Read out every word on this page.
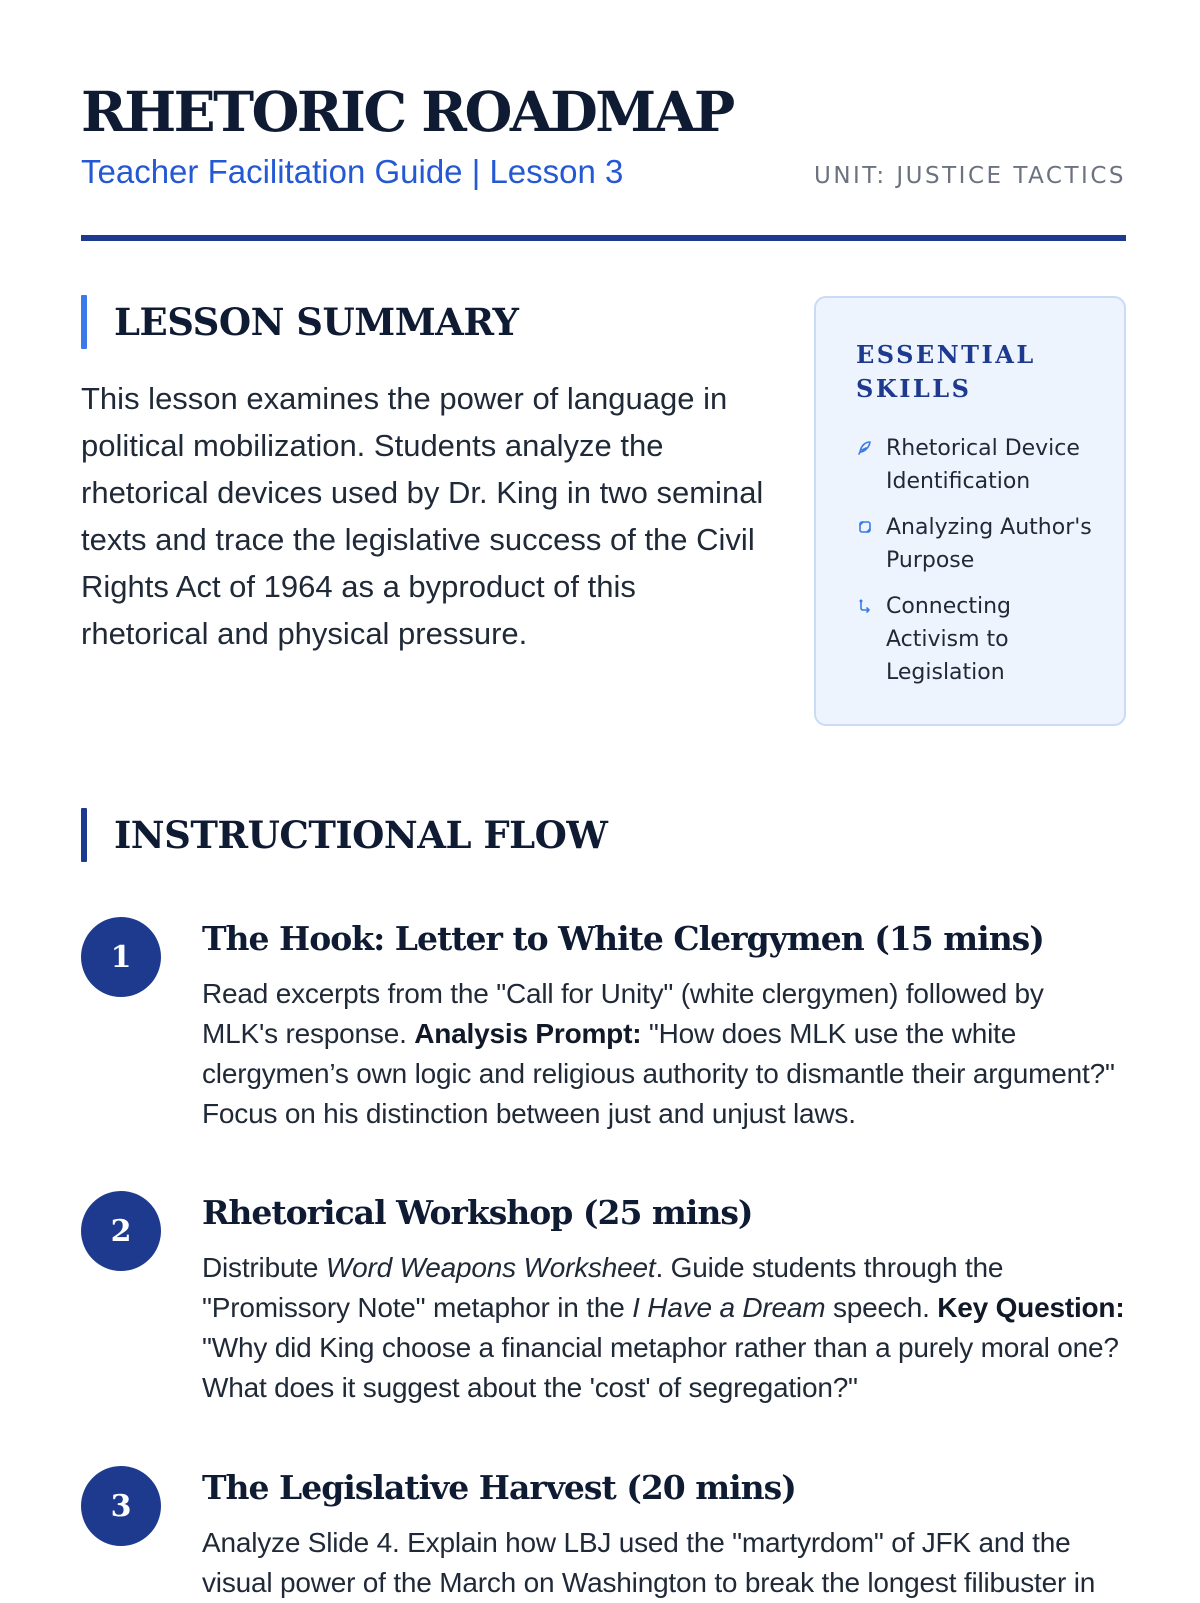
RHETORIC ROADMAP
Teacher Facilitation Guide | Lesson 3	UNIT: JUSTICE TACTICS
LESSON SUMMARY

This lesson examines the power of language in political mobilization. Students analyze the rhetorical devices used by Dr. King in two seminal texts and trace the legislative success of the Civil Rights Act of 1964 as a byproduct of this rhetorical and physical pressure.

ESSENTIAL SKILLS
Rhetorical Device Identification
Analyzing Author's Purpose
Connecting Activism to Legislation
INSTRUCTIONAL FLOW
1	The Hook: Letter to White Clergymen (15 mins)

Read excerpts from the "Call for Unity" (white clergymen) followed by MLK's response. Analysis Prompt: "How does MLK use the white clergymen’s own logic and religious authority to dismantle their argument?" Focus on his distinction between just and unjust laws.

2	Rhetorical Workshop (25 mins)

Distribute Word Weapons Worksheet. Guide students through the "Promissory Note" metaphor in the I Have a Dream speech. Key Question: "Why did King choose a financial metaphor rather than a purely moral one? What does it suggest about the 'cost' of segregation?"

3	The Legislative Harvest (20 mins)

Analyze Slide 4. Explain how LBJ used the "martyrdom" of JFK and the visual power of the March on Washington to break the longest filibuster in
